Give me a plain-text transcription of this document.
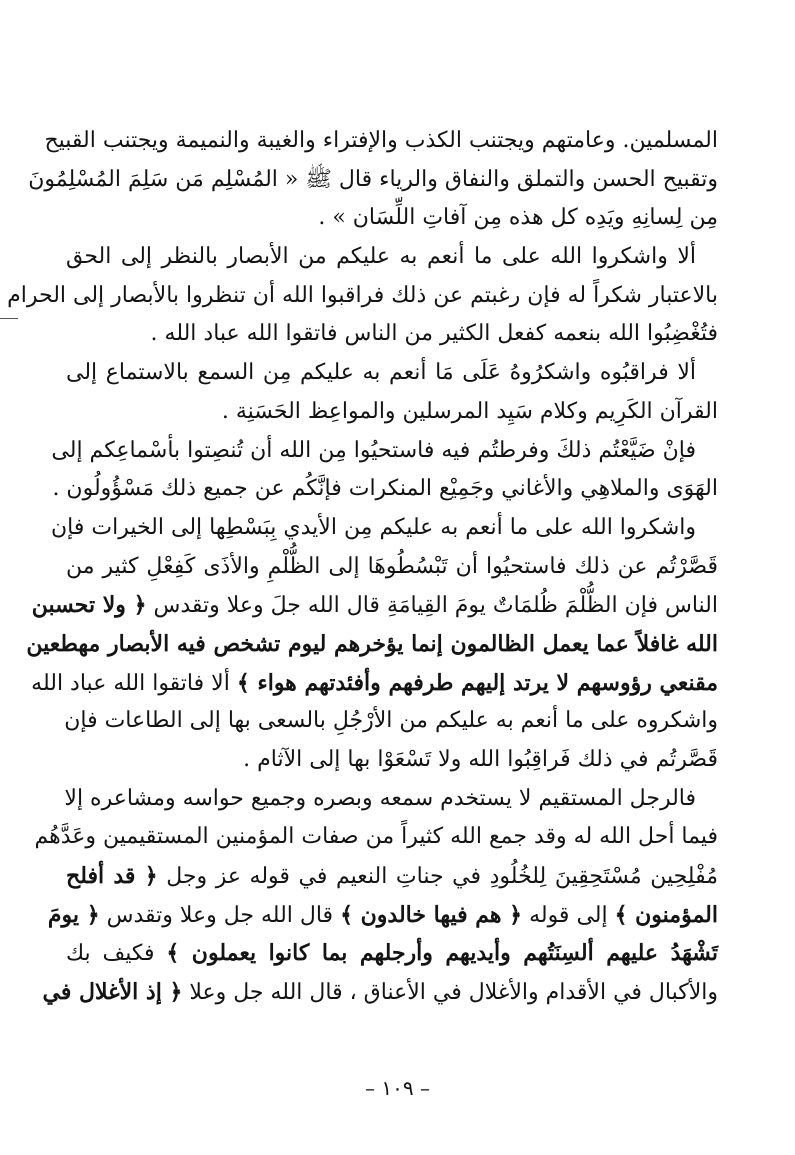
المسلمين. وعامتهم ويجتنب الكذب والإفتراء والغيبة والنميمة ويجتنب القبيح
وتقبيح الحسن والتملق والنفاق والرياء قال ﷺ « المُسْلِم مَن سَلِمَ المُسْلِمُونَ
مِن لِسانِهِ ويَدِه كل هذه مِن آفاتِ اللِّسَان » .
ألا واشكروا الله على ما أنعم به عليكم من الأبصار بالنظر إلى الحق
بالاعتبار شكراً له فإن رغبتم عن ذلك فراقبوا الله أن تنظروا بالأبصار إلى الحرام
فتُغْضِبُوا الله بنعمه كفعل الكثير من الناس فاتقوا الله عباد الله .
ألا فراقبُوه واشكرُوهُ عَلَى مَا أنعم به عليكم مِن السمع بالاستماع إلى
القرآن الكَرِيم وكلام سَيِد المرسلين والمواعِظ الحَسَنِة .
فإنْ ضَيَّعْتُم ذلكَ وفرطتُم فيه فاستحيُوا مِن الله أن تُنصِتوا بأسْماعِكم إلى
الهَوَى والملاهِي والأغاني وجَمِيْع المنكرات فإنَّكُم عن جميع ذلك مَسْؤُولُون .
واشكروا الله على ما أنعم به عليكم مِن الأيدي بِبَسْطِها إلى الخيرات فإن
قَصَّرْتُم عن ذلك فاستحيُوا أن تَبْسُطُوهَا إلى الظُّلْمِ والأذَى كَفِعْلِ كثير من
الناس فإن الظُّلْمَ ظُلمَاتٌ يومَ القِيامَةِ قال الله جلَ وعلا وتقدس ﴿ ولا تحسبن
الله غافلاً عما يعمل الظالمون إنما يؤخرهم ليوم تشخص فيه الأبصار مهطعين
مقنعي رؤوسهم لا يرتد إليهم طرفهم وأفئدتهم هواء ﴾ ألا فاتقوا الله عباد الله
واشكروه على ما أنعم به عليكم من الأرْجُلِ بالسعى بها إلى الطاعات فإن
قَصَّرتُم في ذلك فَراقِبُوا الله ولا تَسْعَوْا بها إلى الآثام .
فالرجل المستقيم لا يستخدم سمعه وبصره وجميع حواسه ومشاعره إلا
فيما أحل الله له وقد جمع الله كثيراً من صفات المؤمنين المستقيمين وعَدَّهُم
مُفْلِحِين مُسْتَحِقِينَ لِلخُلُودِ في جناتِ النعيم في قوله عز وجل ﴿ قد أفلح
المؤمنون ﴾ إلى قوله ﴿ هم فيها خالدون ﴾ قال الله جل وعلا وتقدس ﴿ يومَ
تَشْهَدُ عليهم ألسِنَتُهم وأيديهم وأرجلهم بما كانوا يعملون ﴾ فكيف بك
والأكبال في الأقدام والأغلال في الأعناق ، قال الله جل وعلا ﴿ إذ الأغلال في
– ١٠٩ –
